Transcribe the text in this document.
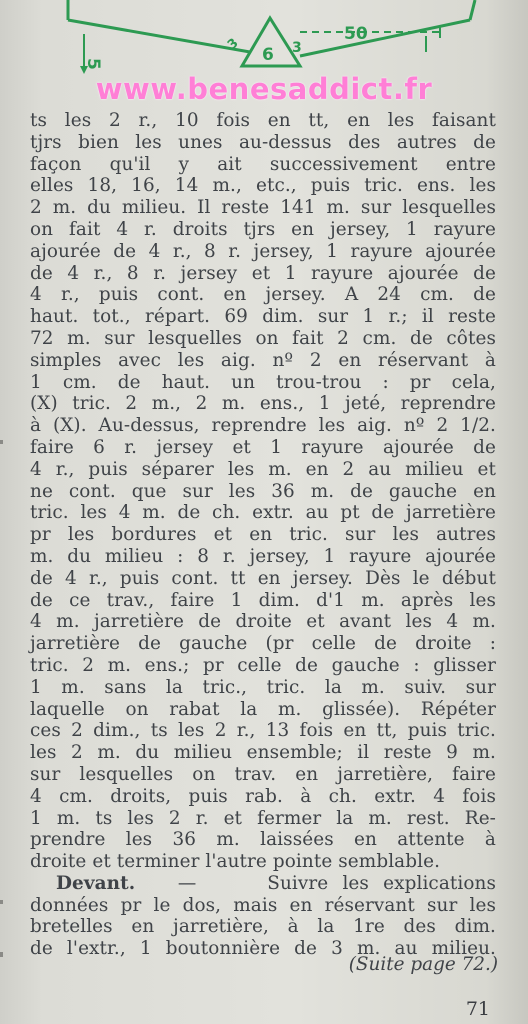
5
50
6 3
3
www.benesaddict.fr
ts les 2 r., 10 fois en tt, en les faisant
tjrs bien les unes au-dessus des autres de
façon qu'il y ait successivement entre
elles 18, 16, 14 m., etc., puis tric. ens. les
2 m. du milieu. Il reste 141 m. sur lesquelles
on fait 4 r. droits tjrs en jersey, 1 rayure
ajourée de 4 r., 8 r. jersey, 1 rayure ajourée
de 4 r., 8 r. jersey et 1 rayure ajourée de
4 r., puis cont. en jersey. A 24 cm. de
haut. tot., répart. 69 dim. sur 1 r.; il reste
72 m. sur lesquelles on fait 2 cm. de côtes
simples avec les aig. nº 2 en réservant à
1 cm. de haut. un trou-trou : pr cela,
(X) tric. 2 m., 2 m. ens., 1 jeté, reprendre
à (X). Au-dessus, reprendre les aig. nº 2 1/2.
faire 6 r. jersey et 1 rayure ajourée de
4 r., puis séparer les m. en 2 au milieu et
ne cont. que sur les 36 m. de gauche en
tric. les 4 m. de ch. extr. au pt de jarretière
pr les bordures et en tric. sur les autres
m. du milieu : 8 r. jersey, 1 rayure ajourée
de 4 r., puis cont. tt en jersey. Dès le début
de ce trav., faire 1 dim. d'1 m. après les
4 m. jarretière de droite et avant les 4 m.
jarretière de gauche (pr celle de droite :
tric. 2 m. ens.; pr celle de gauche : glisser
1 m. sans la tric., tric. la m. suiv. sur
laquelle on rabat la m. glissée). Répéter
ces 2 dim., ts les 2 r., 13 fois en tt, puis tric.
les 2 m. du milieu ensemble; il reste 9 m.
sur lesquelles on trav. en jarretière, faire
4 cm. droits, puis rab. à ch. extr. 4 fois
1 m. ts les 2 r. et fermer la m. rest. Re-
prendre les 36 m. laissées en attente à
droite et terminer l'autre pointe semblable.
Devant. —	Suivre les explications
données pr le dos, mais en réservant sur les
bretelles en jarretière, à la 1re des dim.
de l'extr., 1 boutonnière de 3 m. au milieu.
(Suite page 72.)
71
